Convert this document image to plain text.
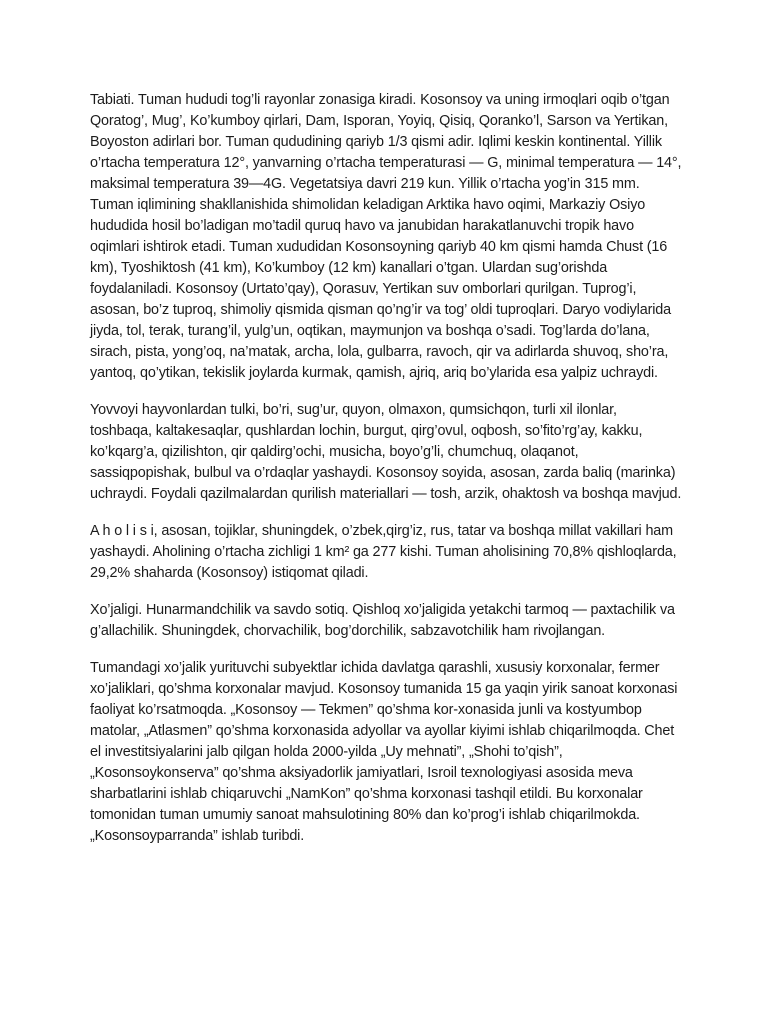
Tabiati. Tuman hududi tog’li rayonlar zonasiga kiradi. Kosonsoy va uning irmoqlari oqib o’tgan Qoratog’, Mug’, Ko’kumboy qirlari, Dam, Isporan, Yoyiq, Qisiq, Qoranko’l, Sarson va Yertikan, Boyoston adirlari bor. Tuman qududining qariyb 1/3 qismi adir. Iqlimi keskin kontinental. Yillik o’rtacha temperatura 12°, yanvarning o’rtacha temperaturasi — G, minimal temperatura — 14°, maksimal temperatura 39—4G. Vegetatsiya davri 219 kun. Yillik o’rtacha yog’in 315 mm. Tuman iqlimining shakllanishida shimolidan keladigan Arktika havo oqimi, Markaziy Osiyo hududida hosil bo’ladigan mo’tadil quruq havo va janubidan harakatlanuvchi tropik havo oqimlari ishtirok etadi. Tuman xududidan Kosonsoyning qariyb 40 km qismi hamda Chust (16 km), Tyoshiktosh (41 km), Ko’kumboy (12 km) kanallari o’tgan. Ulardan sug’orishda foydalaniladi. Kosonsoy (Urtato’qay), Qorasuv, Yertikan suv omborlari qurilgan. Tuprog’i, asosan, bo’z tuproq, shimoliy qismida qisman qo’ng’ir va tog’ oldi tuproqlari. Daryo vodiylarida jiyda, tol, terak, turang’il, yulg’un, oqtikan, maymunjon va boshqa o’sadi. Tog’larda do’lana, sirach, pista, yong’oq, na’matak, archa, lola, gulbarra, ravoch, qir va adirlarda shuvoq, sho’ra, yantoq, qo’ytikan, tekislik joylarda kurmak, qamish, ajriq, ariq bo’ylarida esa yalpiz uchraydi.

Yovvoyi hayvonlardan tulki, bo’ri, sug’ur, quyon, olmaxon, qumsichqon, turli xil ilonlar, toshbaqa, kaltakesaqlar, qushlardan lochin, burgut, qirg’ovul, oqbosh, so’fito’rg’ay, kakku, ko’kqarg’a, qizilishton, qir qaldirg’ochi, musicha, boyo’g’li, chumchuq, olaqanot, sassiqpopishak, bulbul va o’rdaqlar yashaydi. Kosonsoy soyida, asosan, zarda baliq (marinka) uchraydi. Foydali qazilmalardan qurilish materiallari — tosh, arzik, ohaktosh va boshqa mavjud.

A h o l i s i, asosan, tojiklar, shuningdek, o’zbek,qirg’iz, rus, tatar va boshqa millat vakillari ham yashaydi. Aholining o’rtacha zichligi 1 km² ga 277 kishi. Tuman aholisining 70,8% qishloqlarda, 29,2% shaharda (Kosonsoy) istiqomat qiladi.

Xo’jaligi. Hunarmandchilik va savdo sotiq. Qishloq xo’jaligida yetakchi tarmoq — paxtachilik va g’allachilik. Shuningdek, chorvachilik, bog’dorchilik, sabzavotchilik ham rivojlangan.

Tumandagi xo’jalik yurituvchi subyektlar ichida davlatga qarashli, xususiy korxonalar, fermer xo’jaliklari, qo’shma korxonalar mavjud. Kosonsoy tumanida 15 ga yaqin yirik sanoat korxonasi faoliyat ko’rsatmoqda. „Kosonsoy — Tekmen” qo’shma kor-xonasida junli va kostyumbop matolar, „Atlasmen” qo’shma korxonasida adyollar va ayollar kiyimi ishlab chiqarilmoqda. Chet el investitsiyalarini jalb qilgan holda 2000-yilda „Uy mehnati”, „Shohi to’qish”, „Kosonsoykonserva” qo’shma aksiyadorlik jamiyatlari, Isroil texnologiyasi asosida meva sharbatlarini ishlab chiqaruvchi „NamKon” qo’shma korxonasi tashqil etildi. Bu korxonalar tomonidan tuman umumiy sanoat mahsulotining 80% dan ko’prog’i ishlab chiqarilmokda. „Kosonsoyparranda” ishlab turibdi.
